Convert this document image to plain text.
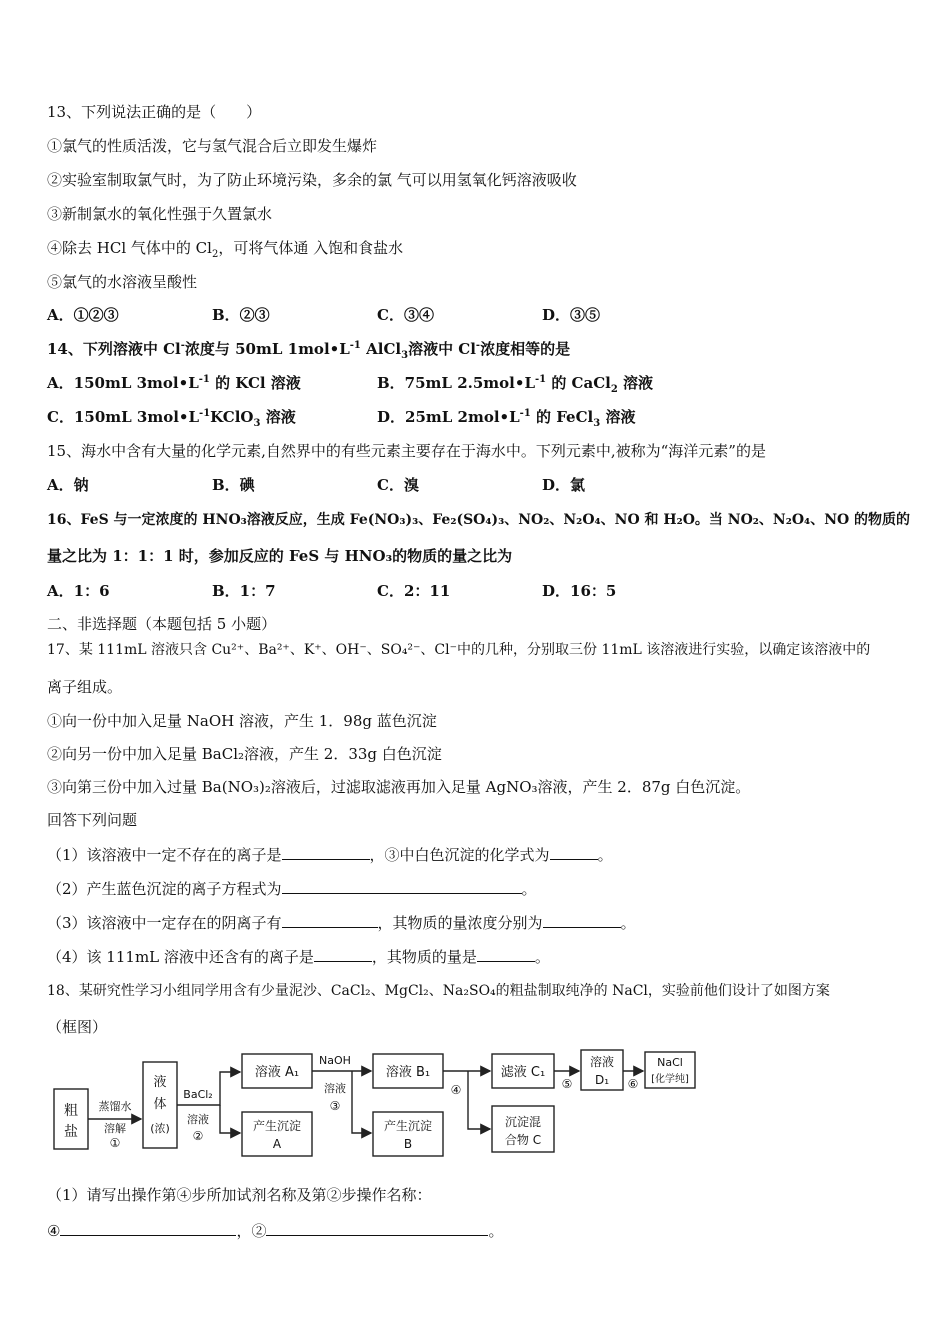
13、下列说法正确的是（　　）
①氯气的性质活泼，它与氢气混合后立即发生爆炸
②实验室制取氯气时，为了防止环境污染，多余的氯 气可以用氢氧化钙溶液吸收
③新制氯水的氧化性强于久置氯水
④除去 HCl 气体中的 $Cl_2$，可将气体通 入饱和食盐水
⑤氯气的水溶液呈酸性
A．①②③	B．②③	C．③④	D．③⑤
14、下列溶液中 Cl-浓度与 50mL $1mol•L^{-1}$ AlCl$_3$溶液中 Cl-浓度相等的是
A．150mL $3mol•L^{-1}$ 的 KCl 溶液	B．75mL $2.5mol•L^{-1}$ 的 CaCl$_2$ 溶液
C．150mL $3mol•L^{-1}KClO_3$ 溶液	D．25mL $2mol•L^{-1}$ 的 FeCl$_3$ 溶液
15、海水中含有大量的化学元素,自然界中的有些元素主要存在于海水中。下列元素中,被称为“海洋元素”的是
A．钠	B．碘	C．溴	D．氯
16、FeS 与一定浓度的 HNO₃溶液反应，生成 Fe(NO₃)₃、Fe₂(SO₄)₃、NO₂、N₂O₄、NO 和 H₂O。当 NO₂、N₂O₄、NO 的物质的
量之比为 1：1：1 时，参加反应的 FeS 与 HNO₃的物质的量之比为
A．1：6	B．1：7	C．2：11	D．16：5
二、非选择题（本题包括 5 小题）
17、某 111mL 溶液只含 Cu²⁺、Ba²⁺、K⁺、OH⁻、SO₄²⁻、Cl⁻中的几种，分别取三份 11mL 该溶液进行实验，以确定该溶液中的
离子组成。
①向一份中加入足量 NaOH 溶液，产生 1．98g 蓝色沉淀
②向另一份中加入足量 BaCl₂溶液，产生 2．33g 白色沉淀
③向第三份中加入过量 Ba(NO₃)₂溶液后，过滤取滤液再加入足量 AgNO₃溶液，产生 2．87g 白色沉淀。
回答下列问题
（1）该溶液中一定不存在的离子是	，③中白色沉淀的化学式为	。
（2）产生蓝色沉淀的离子方程式为	。
（3）该溶液中一定存在的阴离子有	，其物质的量浓度分别为	。
（4）该 111mL 溶液中还含有的离子是	，其物质的量是	。
18、某研究性学习小组同学用含有少量泥沙、CaCl₂、MgCl₂、Na₂SO₄的粗盐制取纯净的 NaCl，实验前他们设计了如图方案
（框图）
粗
盐
蒸馏水
溶解
①
液
体
(浓)
BaCl₂
溶液
②
溶液 A₁
产生沉淀
A
NaOH
溶液
③
溶液 B₁
产生沉淀
B
④
滤液 C₁
沉淀混
合物 C
⑤
溶液
D₁ ⑥
NaCl
[化学纯]
（1）请写出操作第④步所加试剂名称及第②步操作名称：
④	，②	。
